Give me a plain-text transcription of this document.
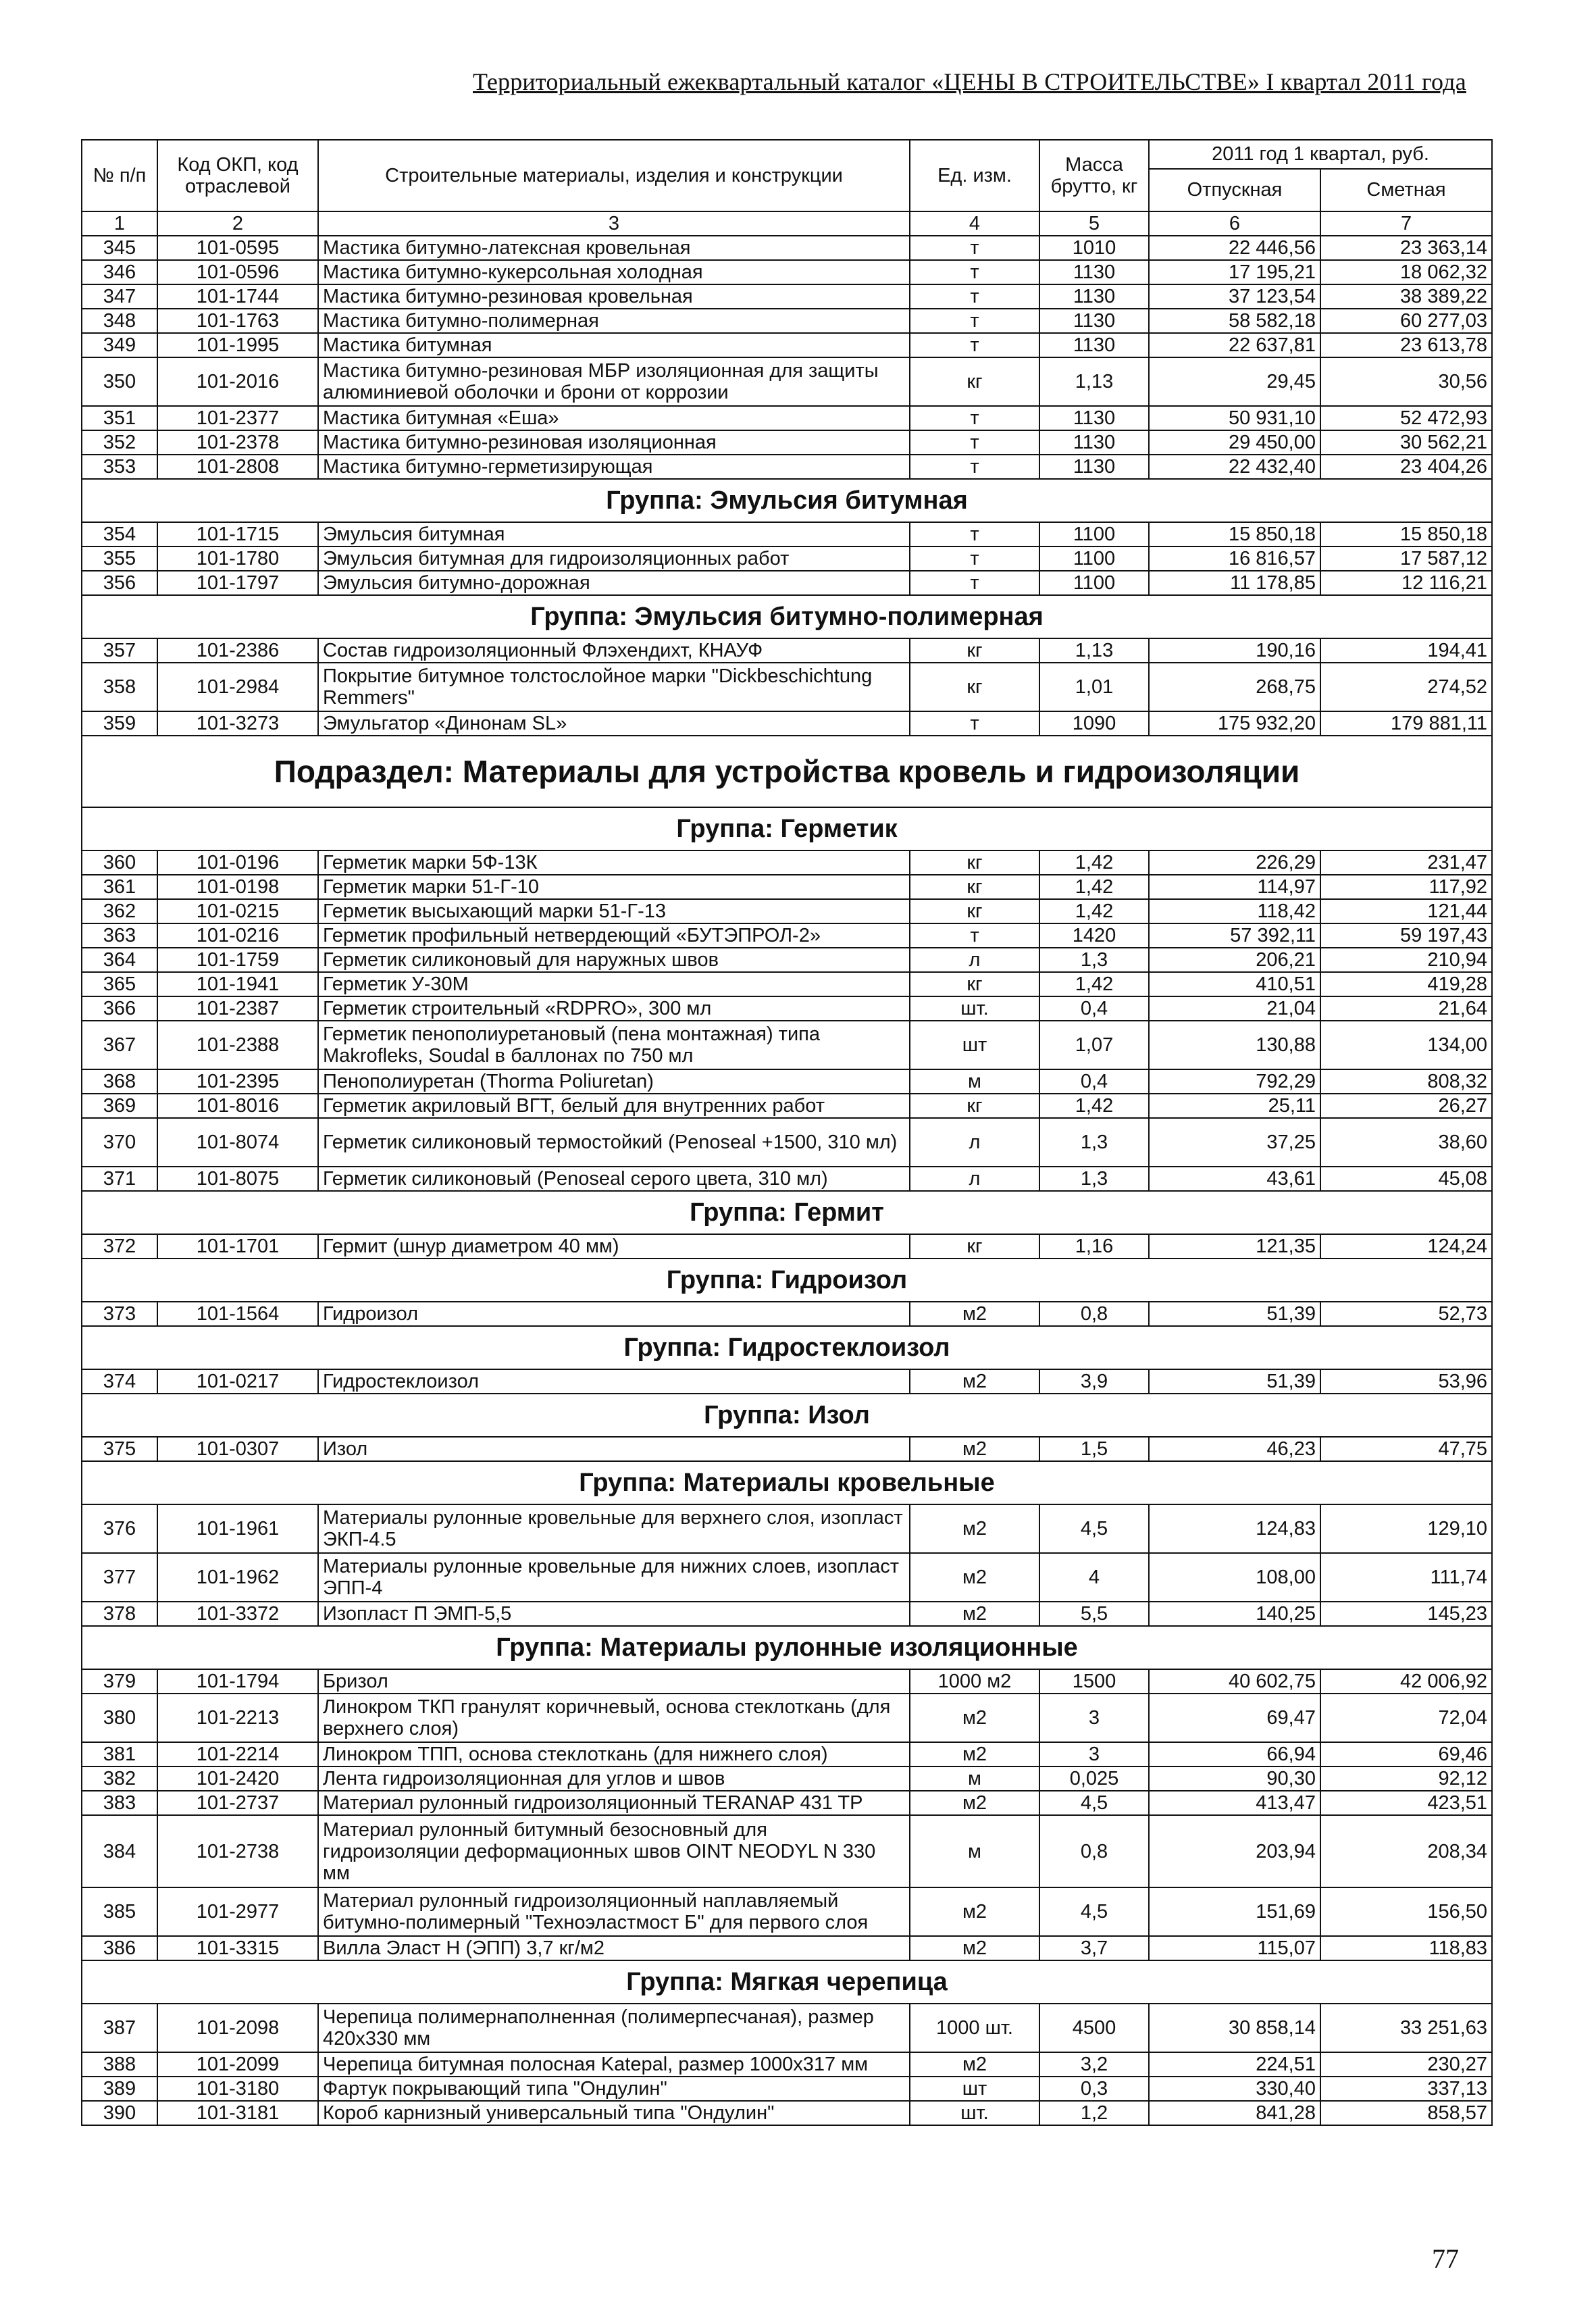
Территориальный ежеквартальный каталог «ЦЕНЫ В СТРОИТЕЛЬСТВЕ» I квартал 2011 года
№ п/п	Код ОКП, код отраслевой	Строительные материалы, изделия и конструкции	Ед. изм.	Масса брутто, кг	2011 год 1 квартал, руб.	
					Отпускная	Сметная
1	2	3	4	5	6	7
345	101-0595	Мастика битумно-латексная кровельная	т	1010	22 446,56	23 363,14
346	101-0596	Мастика битумно-кукерсольная холодная	т	1130	17 195,21	18 062,32
347	101-1744	Мастика битумно-резиновая кровельная	т	1130	37 123,54	38 389,22
348	101-1763	Мастика битумно-полимерная	т	1130	58 582,18	60 277,03
349	101-1995	Мастика битумная	т	1130	22 637,81	23 613,78
350	101-2016	Мастика битумно-резиновая МБР изоляционная для защиты алюминиевой оболочки и брони от коррозии	кг	1,13	29,45	30,56
351	101-2377	Мастика битумная «Еша»	т	1130	50 931,10	52 472,93
352	101-2378	Мастика битумно-резиновая изоляционная	т	1130	29 450,00	30 562,21
353	101-2808	Мастика битумно-герметизирующая	т	1130	22 432,40	23 404,26
Группа: Эмульсия битумная						
354	101-1715	Эмульсия битумная	т	1100	15 850,18	15 850,18
355	101-1780	Эмульсия битумная для гидроизоляционных работ	т	1100	16 816,57	17 587,12
356	101-1797	Эмульсия битумно-дорожная	т	1100	11 178,85	12 116,21
Группа: Эмульсия битумно-полимерная						
357	101-2386	Состав гидроизоляционный Флэхендихт, КНАУФ	кг	1,13	190,16	194,41
358	101-2984	Покрытие битумное толстослойное марки "Dickbeschichtung Remmers"	кг	1,01	268,75	274,52
359	101-3273	Эмульгатор «Динонам SL»	т	1090	175 932,20	179 881,11
Подраздел: Материалы для устройства кровель и гидроизоляции						
Группа: Герметик						
360	101-0196	Герметик марки 5Ф-13К	кг	1,42	226,29	231,47
361	101-0198	Герметик марки 51-Г-10	кг	1,42	114,97	117,92
362	101-0215	Герметик высыхающий марки 51-Г-13	кг	1,42	118,42	121,44
363	101-0216	Герметик профильный нетвердеющий «БУТЭПРОЛ-2»	т	1420	57 392,11	59 197,43
364	101-1759	Герметик силиконовый для наружных швов	л	1,3	206,21	210,94
365	101-1941	Герметик У-30М	кг	1,42	410,51	419,28
366	101-2387	Герметик строительный «RDPRO», 300 мл	шт.	0,4	21,04	21,64
367	101-2388	Герметик пенополиуретановый (пена монтажная) типа Makroflеks, Soudal в баллонах по 750 мл	шт	1,07	130,88	134,00
368	101-2395	Пенополиуретан (Thorma Poliuretan)	м	0,4	792,29	808,32
369	101-8016	Герметик акриловый ВГТ, белый для внутренних работ	кг	1,42	25,11	26,27
370	101-8074	Герметик силиконовый термостойкий (Penoseal +1500, 310 мл)	л	1,3	37,25	38,60
371	101-8075	Герметик силиконовый (Penoseal серого цвета, 310 мл)	л	1,3	43,61	45,08
Группа: Гермит						
372	101-1701	Гермит (шнур диаметром 40 мм)	кг	1,16	121,35	124,24
Группа: Гидроизол						
373	101-1564	Гидроизол	м2	0,8	51,39	52,73
Группа: Гидростеклоизол						
374	101-0217	Гидростеклоизол	м2	3,9	51,39	53,96
Группа: Изол						
375	101-0307	Изол	м2	1,5	46,23	47,75
Группа: Материалы кровельные						
376	101-1961	Материалы рулонные кровельные для верхнего слоя, изопласт ЭКП-4.5	м2	4,5	124,83	129,10
377	101-1962	Материалы рулонные кровельные для нижних слоев, изопласт ЭПП-4	м2	4	108,00	111,74
378	101-3372	Изопласт П ЭМП-5,5	м2	5,5	140,25	145,23
Группа: Материалы рулонные изоляционные						
379	101-1794	Бризол	1000 м2	1500	40 602,75	42 006,92
380	101-2213	Линокром ТКП гранулят коричневый, основа стеклоткань (для верхнего слоя)	м2	3	69,47	72,04
381	101-2214	Линокром ТПП, основа стеклоткань (для нижнего слоя)	м2	3	66,94	69,46
382	101-2420	Лента гидроизоляционная для углов и швов	м	0,025	90,30	92,12
383	101-2737	Материал рулонный гидроизоляционный TERANAP 431 TP	м2	4,5	413,47	423,51
384	101-2738	Материал рулонный битумный безосновный для гидроизоляции деформационных швов OINT NEODYL N 330 мм	м	0,8	203,94	208,34
385	101-2977	Материал рулонный гидроизоляционный наплавляемый битумно-полимерный "Техноэластмост Б" для первого слоя	м2	4,5	151,69	156,50
386	101-3315	Вилла Эласт Н (ЭПП) 3,7 кг/м2	м2	3,7	115,07	118,83
Группа: Мягкая черепица						
387	101-2098	Черепица полимернаполненная (полимерпесчаная), размер 420х330 мм	1000 шт.	4500	30 858,14	33 251,63
388	101-2099	Черепица битумная полосная Katepal, размер 1000х317 мм	м2	3,2	224,51	230,27
389	101-3180	Фартук покрывающий типа "Ондулин"	шт	0,3	330,40	337,13
390	101-3181	Короб карнизный универсальный типа "Ондулин"	шт.	1,2	841,28	858,57
77
